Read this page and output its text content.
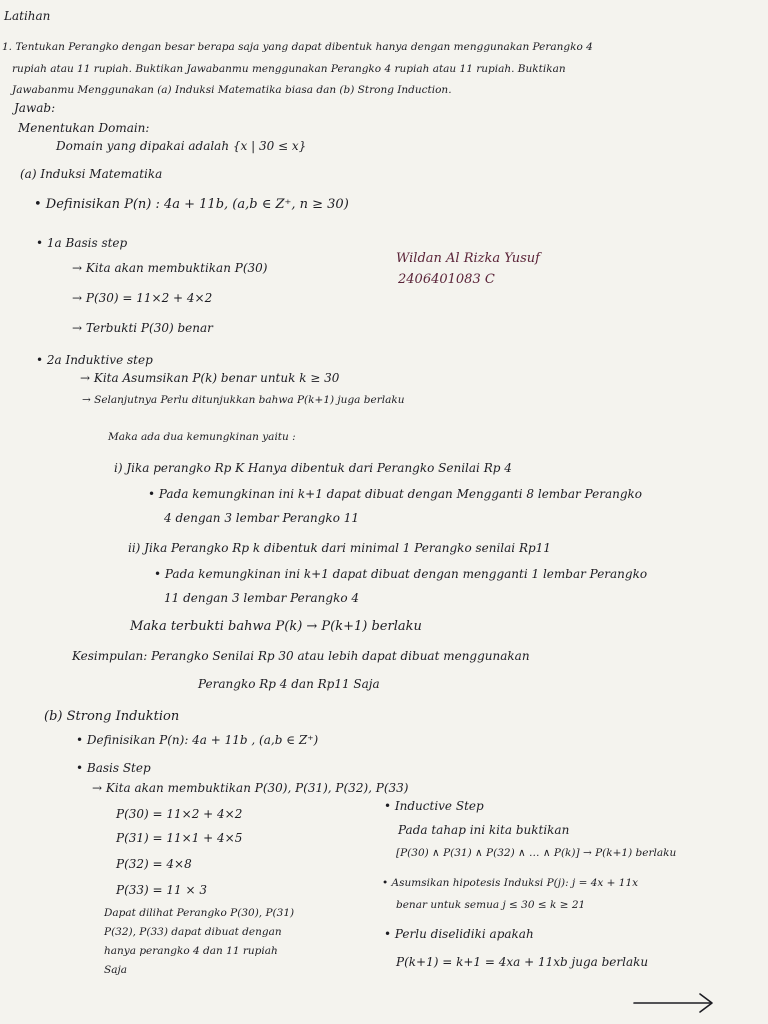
Latihan
1. Tentukan Perangko dengan besar berapa saja yang dapat dibentuk hanya dengan menggunakan Perangko 4
rupiah atau 11 rupiah. Buktikan Jawabanmu menggunakan Perangko 4 rupiah atau 11 rupiah. Buktikan
Jawabanmu Menggunakan (a) Induksi Matematika biasa dan (b) Strong Induction.
Jawab:
Menentukan Domain:
Domain yang dipakai adalah {x | 30 ≤ x}
(a) Induksi Matematika
• Definisikan P(n) : 4a + 11b, (a,b ∈ Z⁺, n ≥ 30)
• 1a Basis step
→ Kita akan membuktikan P(30)
→ P(30) = 11×2 + 4×2
→ Terbukti P(30) benar
Wildan Al Rizka Yusuf
2406401083 C
• 2a Induktive step
→ Kita Asumsikan P(k) benar untuk k ≥ 30
→ Selanjutnya Perlu ditunjukkan bahwa P(k+1) juga berlaku
Maka ada dua kemungkinan yaitu :
i) Jika perangko Rp K Hanya dibentuk dari Perangko Senilai Rp 4
• Pada kemungkinan ini k+1 dapat dibuat dengan Mengganti 8 lembar Perangko
4 dengan 3 lembar Perangko 11
ii) Jika Perangko Rp k dibentuk dari minimal 1 Perangko senilai Rp11
• Pada kemungkinan ini k+1 dapat dibuat dengan mengganti 1 lembar Perangko
11 dengan 3 lembar Perangko 4
Maka terbukti bahwa P(k) → P(k+1) berlaku
Kesimpulan: Perangko Senilai Rp 30 atau lebih dapat dibuat menggunakan
Perangko Rp 4 dan Rp11 Saja
(b) Strong Induktion
• Definisikan P(n): 4a + 11b , (a,b ∈ Z⁺)
• Basis Step
→ Kita akan membuktikan P(30), P(31), P(32), P(33)
P(30) = 11×2 + 4×2
P(31) = 11×1 + 4×5
P(32) = 4×8
P(33) = 11 × 3
Dapat dilihat Perangko P(30), P(31)
P(32), P(33) dapat dibuat dengan
hanya perangko 4 dan 11 rupiah
Saja
• Inductive Step
Pada tahap ini kita buktikan
[P(30) ∧ P(31) ∧ P(32) ∧ … ∧ P(k)] → P(k+1) berlaku
• Asumsikan hipotesis Induksi P(j): j = 4x + 11x
benar untuk semua j ≤ 30 ≤ k ≥ 21
• Perlu diselidiki apakah
P(k+1) = k+1 = 4xa + 11xb juga berlaku
